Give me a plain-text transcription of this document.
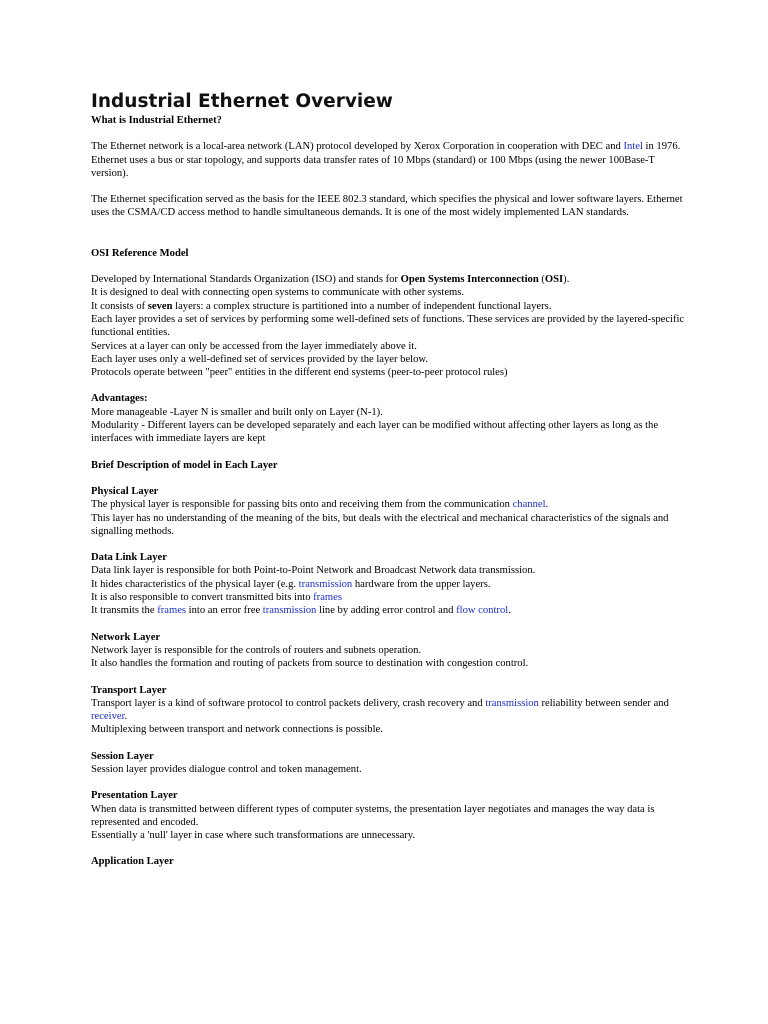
Industrial Ethernet Overview

What is Industrial Ethernet?

The Ethernet network is a local-area network (LAN) protocol developed by Xerox Corporation in cooperation with DEC and Intel in 1976. Ethernet uses a bus or star topology, and supports data transfer rates of 10 Mbps (standard) or 100 Mbps (using the newer 100Base-T version).

The Ethernet specification served as the basis for the IEEE 802.3 standard, which specifies the physical and lower software layers. Ethernet uses the CSMA/CD access method to handle simultaneous demands. It is one of the most widely implemented LAN standards.

OSI Reference Model

Developed by International Standards Organization (ISO) and stands for Open Systems Interconnection (OSI).

It is designed to deal with connecting open systems to communicate with other systems.

It consists of seven layers: a complex structure is partitioned into a number of independent functional layers.

Each layer provides a set of services by performing some well-defined sets of functions. These services are provided by the layered-specific functional entities.

Services at a layer can only be accessed from the layer immediately above it.

Each layer uses only a well-defined set of services provided by the layer below.

Protocols operate between "peer" entities in the different end systems (peer-to-peer protocol rules)

Advantages:

More manageable -Layer N is smaller and built only on Layer (N-1).

Modularity - Different layers can be developed separately and each layer can be modified without affecting other layers as long as the interfaces with immediate layers are kept

Brief Description of model in Each Layer

Physical Layer

The physical layer is responsible for passing bits onto and receiving them from the communication channel.

This layer has no understanding of the meaning of the bits, but deals with the electrical and mechanical characteristics of the signals and signalling methods.

Data Link Layer

Data link layer is responsible for both Point-to-Point Network and Broadcast Network data transmission.

It hides characteristics of the physical layer (e.g. transmission hardware from the upper layers.

It is also responsible to convert transmitted bits into frames

It transmits the frames into an error free transmission line by adding error control and flow control.

Network Layer

Network layer is responsible for the controls of routers and subnets operation.

It also handles the formation and routing of packets from source to destination with congestion control.

Transport Layer

Transport layer is a kind of software protocol to control packets delivery, crash recovery and transmission reliability between sender and receiver.

Multiplexing between transport and network connections is possible.

Session Layer

Session layer provides dialogue control and token management.

Presentation Layer

When data is transmitted between different types of computer systems, the presentation layer negotiates and manages the way data is represented and encoded.

Essentially a 'null' layer in case where such transformations are unnecessary.

Application Layer
